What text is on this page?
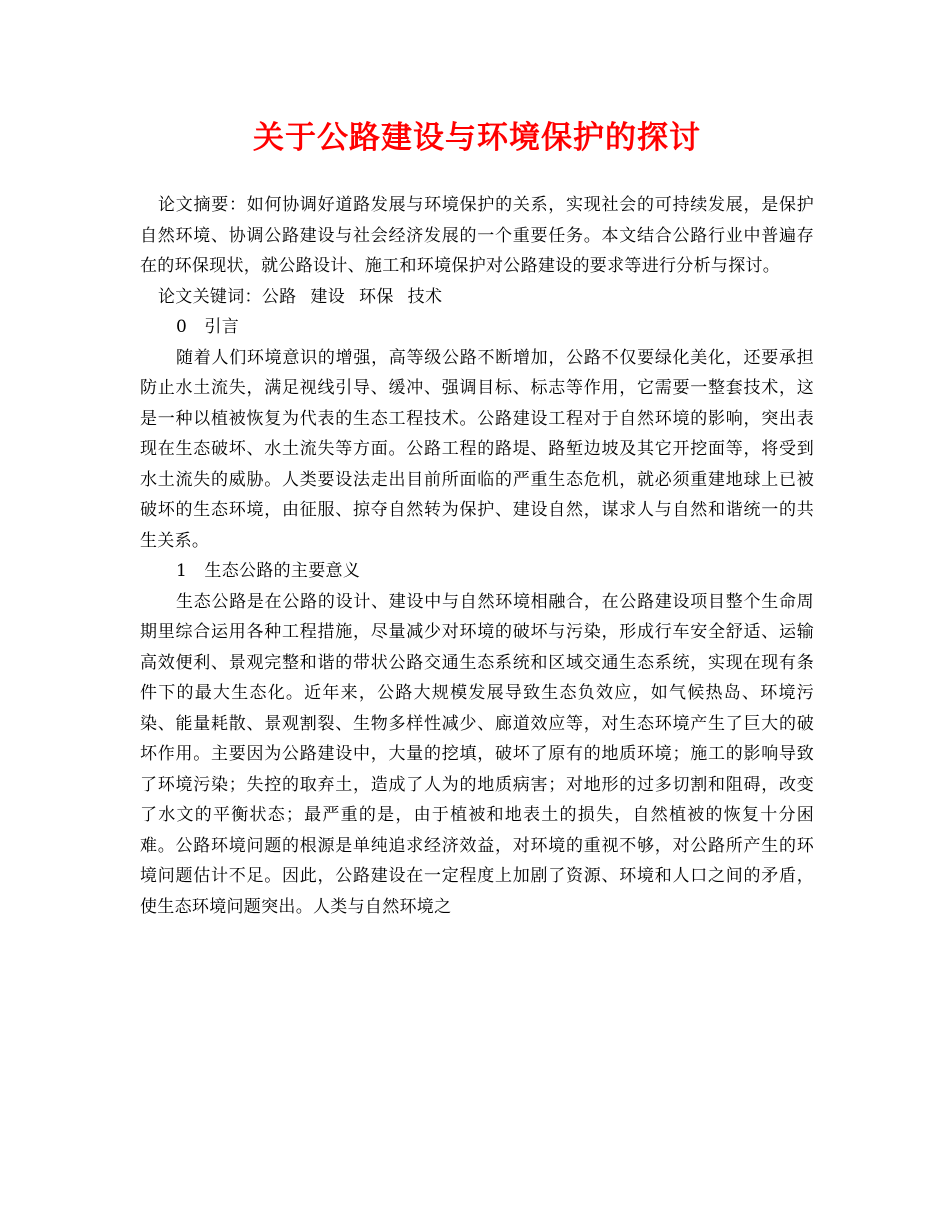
关于公路建设与环境保护的探讨

论文摘要：如何协调好道路发展与环境保护的关系，实现社会的可持续发展，是保护自然环境、协调公路建设与社会经济发展的一个重要任务。本文结合公路行业中普遍存在的环保现状，就公路设计、施工和环境保护对公路建设的要求等进行分析与探讨。

论文关键词：公路 建设 环保 技术

0　引言

随着人们环境意识的增强，高等级公路不断增加，公路不仅要绿化美化，还要承担防止水土流失，满足视线引导、缓冲、强调目标、标志等作用，它需要一整套技术，这是一种以植被恢复为代表的生态工程技术。公路建设工程对于自然环境的影响，突出表现在生态破坏、水土流失等方面。公路工程的路堤、路堑边坡及其它开挖面等，将受到水土流失的威胁。人类要设法走出目前所面临的严重生态危机，就必须重建地球上已被破坏的生态环境，由征服、掠夺自然转为保护、建设自然，谋求人与自然和谐统一的共生关系。

1　生态公路的主要意义

生态公路是在公路的设计、建设中与自然环境相融合，在公路建设项目整个生命周期里综合运用各种工程措施，尽量减少对环境的破坏与污染，形成行车安全舒适、运输高效便利、景观完整和谐的带状公路交通生态系统和区域交通生态系统，实现在现有条件下的最大生态化。近年来，公路大规模发展导致生态负效应，如气候热岛、环境污染、能量耗散、景观割裂、生物多样性减少、廊道效应等，对生态环境产生了巨大的破坏作用。主要因为公路建设中，大量的挖填，破坏了原有的地质环境；施工的影响导致了环境污染；失控的取弃土，造成了人为的地质病害；对地形的过多切割和阻碍，改变了水文的平衡状态；最严重的是，由于植被和地表土的损失，自然植被的恢复十分困难。公路环境问题的根源是单纯追求经济效益，对环境的重视不够，对公路所产生的环境问题估计不足。因此，公路建设在一定程度上加剧了资源、环境和人口之间的矛盾，使生态环境问题突出。人类与自然环境之
